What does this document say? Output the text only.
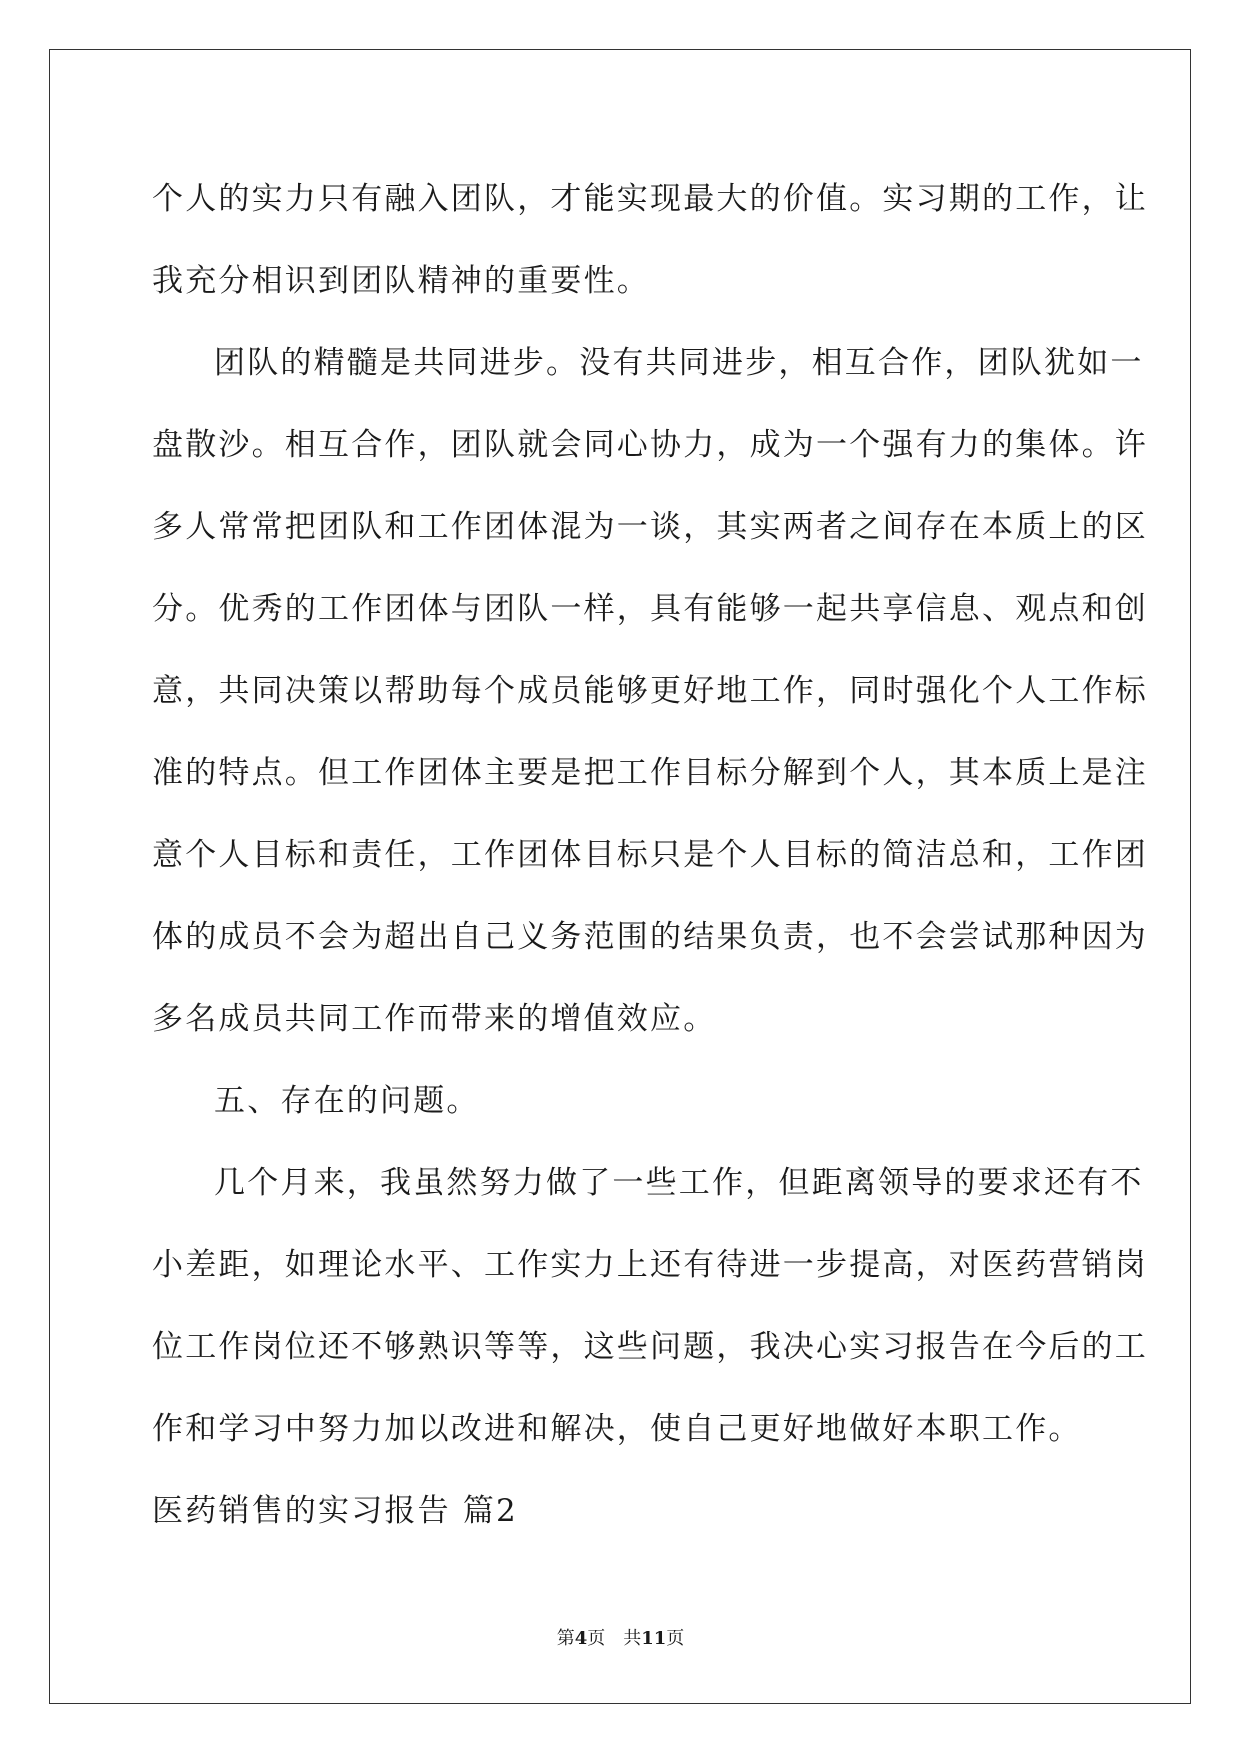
个人的实力只有融入团队，才能实现最大的价值。实习期的工作，让
我充分相识到团队精神的重要性。
团队的精髓是共同进步。没有共同进步，相互合作，团队犹如一
盘散沙。相互合作，团队就会同心协力，成为一个强有力的集体。许
多人常常把团队和工作团体混为一谈，其实两者之间存在本质上的区
分。优秀的工作团体与团队一样，具有能够一起共享信息、观点和创
意，共同决策以帮助每个成员能够更好地工作，同时强化个人工作标
准的特点。但工作团体主要是把工作目标分解到个人，其本质上是注
意个人目标和责任，工作团体目标只是个人目标的简洁总和，工作团
体的成员不会为超出自己义务范围的结果负责，也不会尝试那种因为
多名成员共同工作而带来的增值效应。
五、存在的问题。
几个月来，我虽然努力做了一些工作，但距离领导的要求还有不
小差距，如理论水平、工作实力上还有待进一步提高，对医药营销岗
位工作岗位还不够熟识等等，这些问题，我决心实习报告在今后的工
作和学习中努力加以改进和解决，使自己更好地做好本职工作。
医药销售的实习报告 篇2
第4页　共11页
